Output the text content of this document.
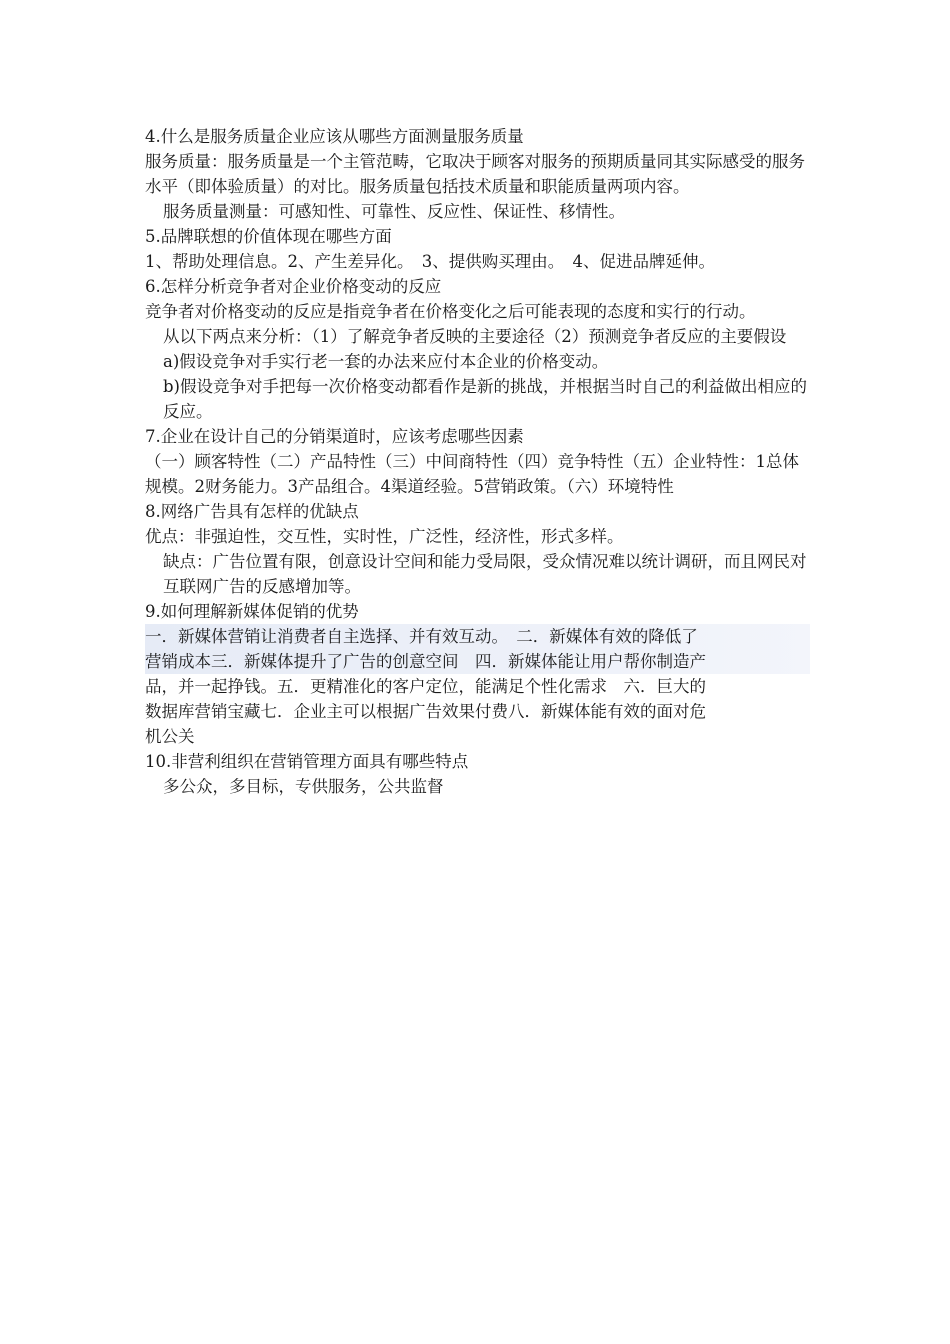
4.什么是服务质量企业应该从哪些方面测量服务质量
服务质量：服务质量是一个主管范畴，它取决于顾客对服务的预期质量同其实际感受的服务水平（即体验质量）的对比。服务质量包括技术质量和职能质量两项内容。
服务质量测量：可感知性、可靠性、反应性、保证性、移情性。
5.品牌联想的价值体现在哪些方面
1、帮助处理信息。2、产生差异化。　3、提供购买理由。　4、促进品牌延伸。
6.怎样分析竞争者对企业价格变动的反应
竞争者对价格变动的反应是指竞争者在价格变化之后可能表现的态度和实行的行动。
从以下两点来分析：（1）了解竞争者反映的主要途径（2）预测竞争者反应的主要假设
a)假设竞争对手实行老一套的办法来应付本企业的价格变动。
b)假设竞争对手把每一次价格变动都看作是新的挑战，并根据当时自己的利益做出相应的反应。
7.企业在设计自己的分销渠道时，应该考虑哪些因素
（一）顾客特性（二）产品特性（三）中间商特性（四）竞争特性（五）企业特性：1总体规模。2财务能力。3产品组合。4渠道经验。5营销政策。（六）环境特性
8.网络广告具有怎样的优缺点
优点：非强迫性，交互性，实时性，广泛性，经济性，形式多样。
缺点：广告位置有限，创意设计空间和能力受局限，受众情况难以统计调研，而且网民对互联网广告的反感增加等。
9.如何理解新媒体促销的优势
一．新媒体营销让消费者自主选择、并有效互动。　二．新媒体有效的降低了
营销成本三．新媒体提升了广告的创意空间　四．新媒体能让用户帮你制造产
品，并一起挣钱。五．更精准化的客户定位，能满足个性化需求　六．巨大的
数据库营销宝藏七．企业主可以根据广告效果付费八．新媒体能有效的面对危
机公关
10.非营利组织在营销管理方面具有哪些特点
多公众，多目标，专供服务，公共监督
